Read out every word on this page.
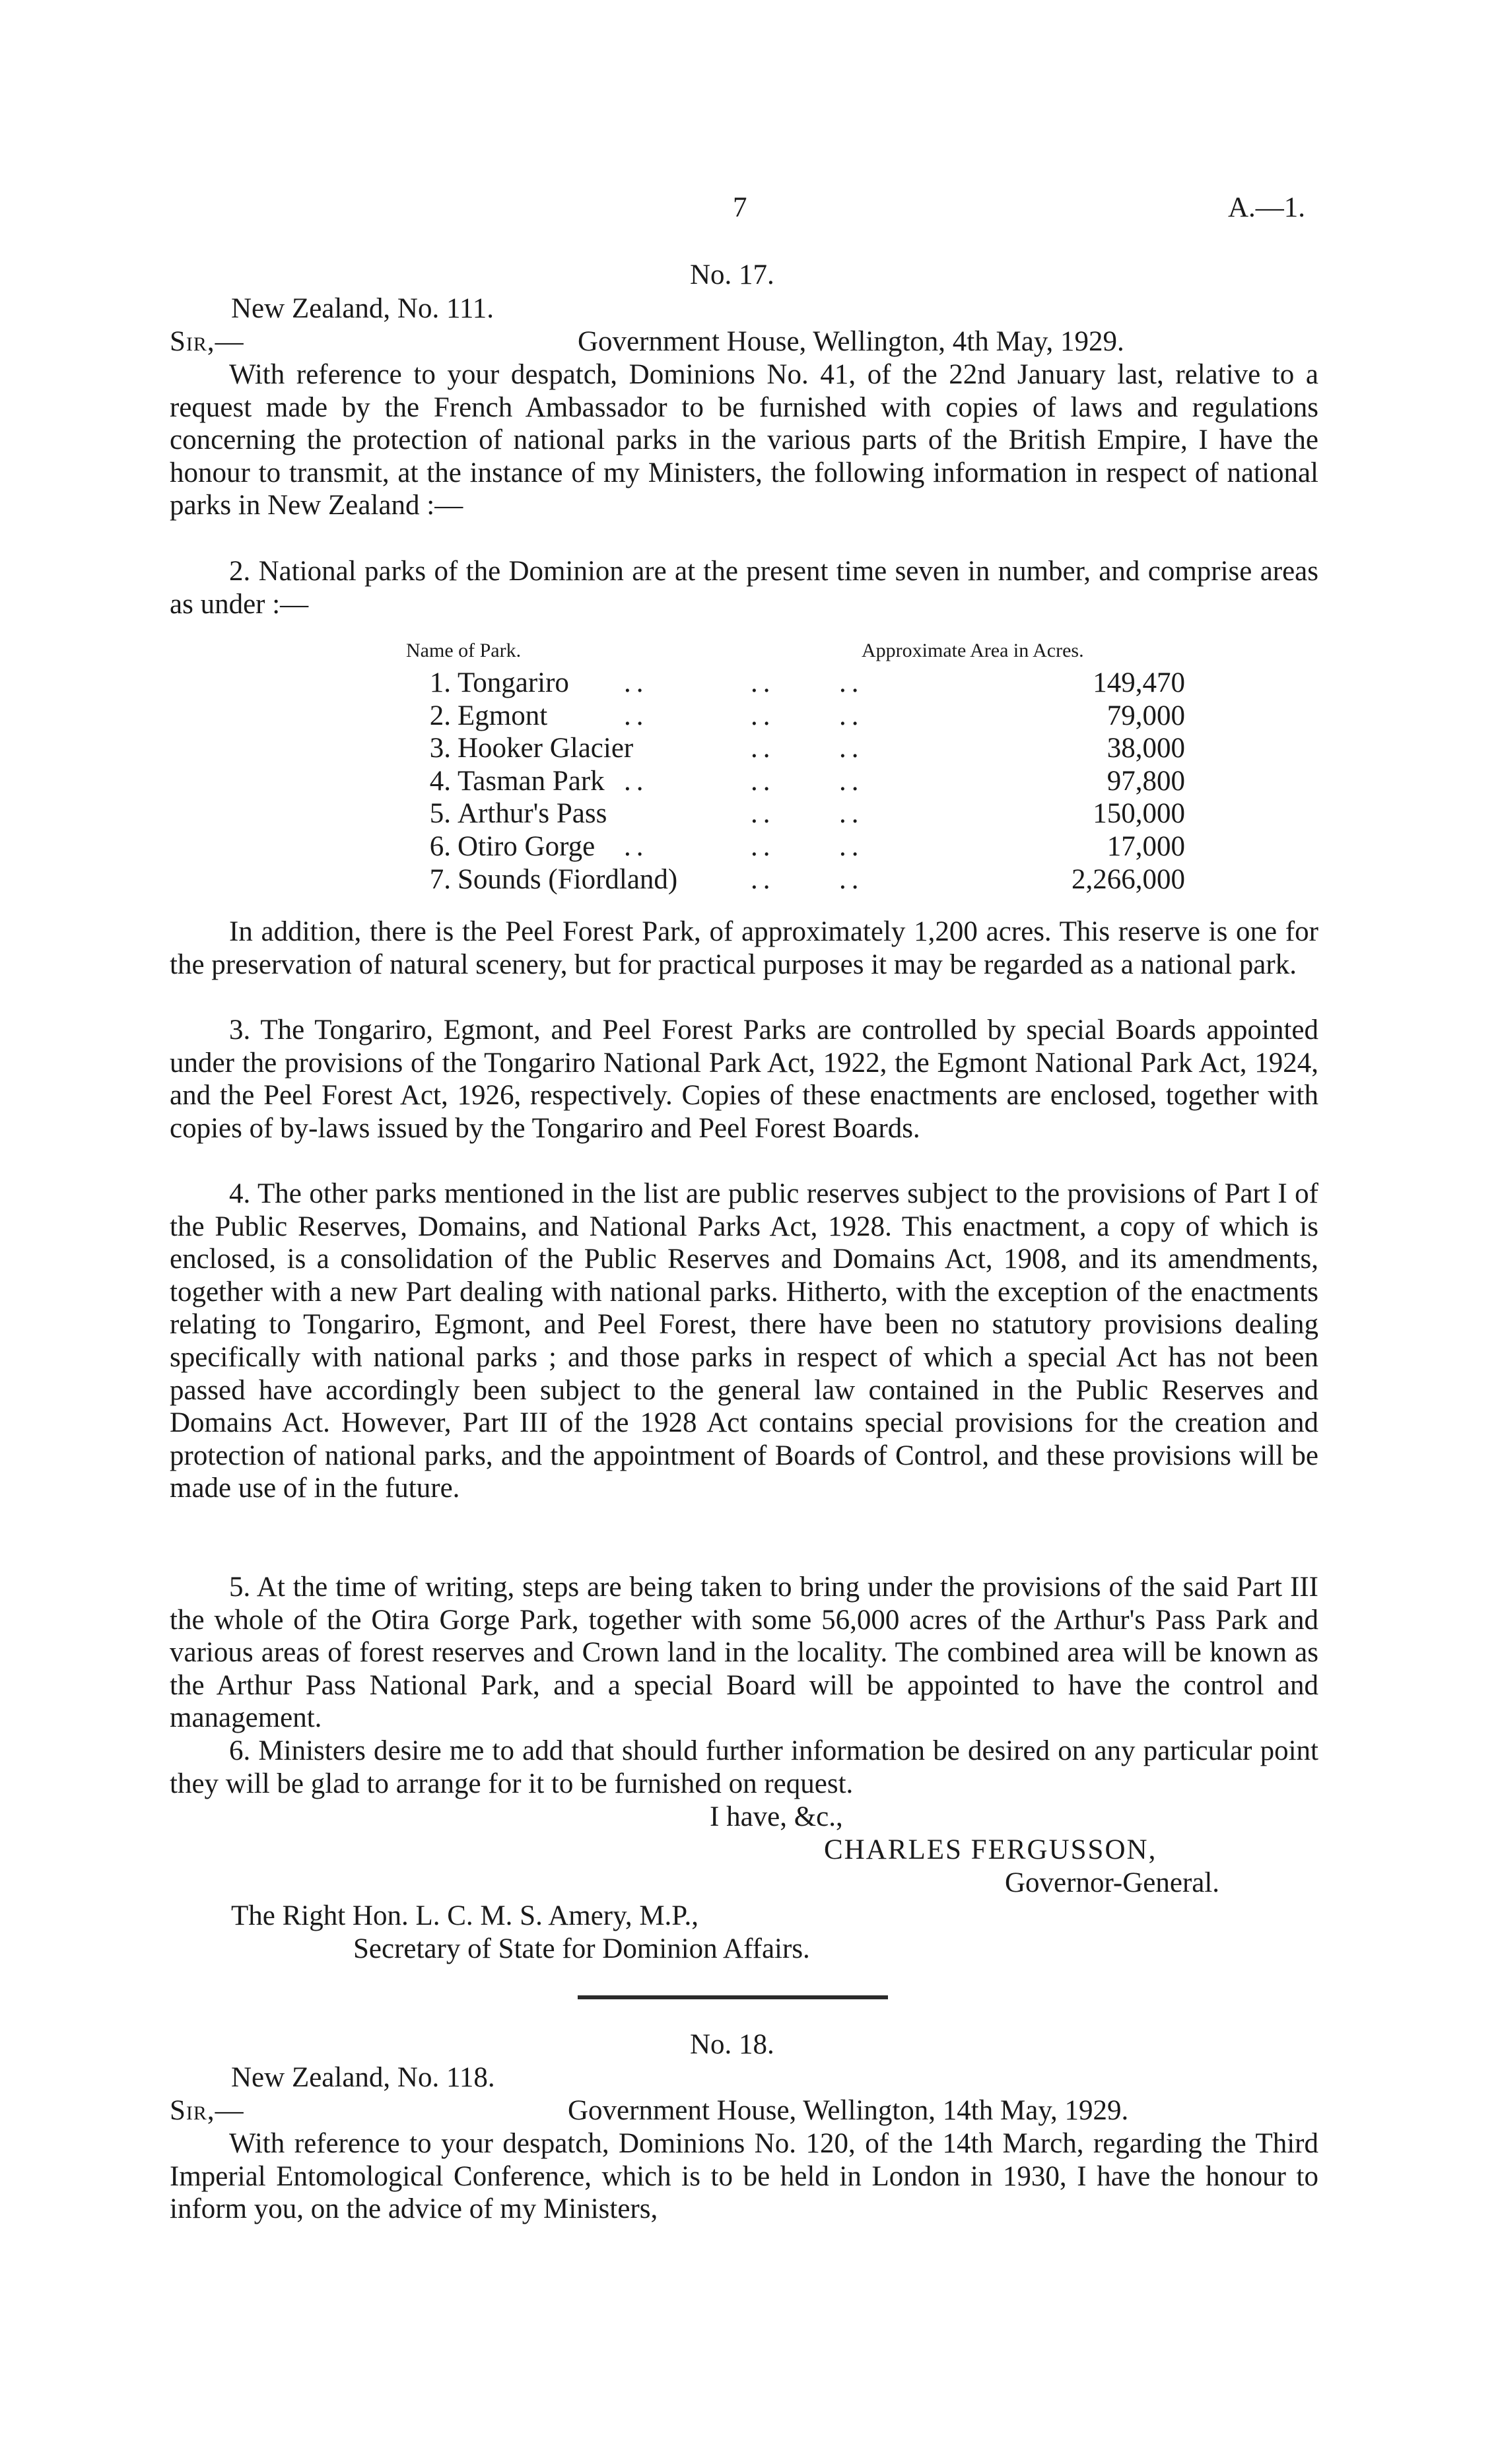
7	A.—1.
No. 17.
New Zealand, No. 111.
Sir,—	Government House, Wellington, 4th May, 1929.

With reference to your despatch, Dominions No. 41, of the 22nd January last, relative to a request made by the French Ambassador to be furnished with copies of laws and regulations concerning the protection of national parks in the various parts of the British Empire, I have the honour to transmit, at the instance of my Ministers, the following information in respect of national parks in New Zealand :—

2. National parks of the Dominion are at the present time seven in number, and comprise areas as under :—

Name of Park.	Approximate Area in Acres.
1. Tongariro	149,470
..	.. ..
2. Egmont	79,000
..	.. ..
3. Hooker Glacier	38,000
.. ..
4. Tasman Park	97,800
..	.. ..
5. Arthur's Pass	150,000
.. ..
6. Otiro Gorge	17,000
..	.. ..
7. Sounds (Fiordland)	2,266,000
.. ..

In addition, there is the Peel Forest Park, of approximately 1,200 acres. This reserve is one for the preservation of natural scenery, but for practical purposes it may be regarded as a national park.

3. The Tongariro, Egmont, and Peel Forest Parks are controlled by special Boards appointed under the provisions of the Tongariro National Park Act, 1922, the Egmont National Park Act, 1924, and the Peel Forest Act, 1926, respectively. Copies of these enactments are enclosed, together with copies of by-laws issued by the Tongariro and Peel Forest Boards.

4. The other parks mentioned in the list are public reserves subject to the provisions of Part I of the Public Reserves, Domains, and National Parks Act, 1928. This enactment, a copy of which is enclosed, is a consolidation of the Public Reserves and Domains Act, 1908, and its amendments, together with a new Part dealing with national parks. Hitherto, with the exception of the enactments relating to Tongariro, Egmont, and Peel Forest, there have been no statutory provisions dealing specifically with national parks ; and those parks in respect of which a special Act has not been passed have accordingly been subject to the general law contained in the Public Reserves and Domains Act. However, Part III of the 1928 Act contains special provisions for the creation and protection of national parks, and the appointment of Boards of Control, and these provisions will be made use of in the future.

5. At the time of writing, steps are being taken to bring under the provisions of the said Part III the whole of the Otira Gorge Park, together with some 56,000 acres of the Arthur's Pass Park and various areas of forest reserves and Crown land in the locality. The combined area will be known as the Arthur Pass National Park, and a special Board will be appointed to have the control and management.

6. Ministers desire me to add that should further information be desired on any particular point they will be glad to arrange for it to be furnished on request.

I have, &c.,
CHARLES FERGUSSON,
Governor-General.
The Right Hon. L. C. M. S. Amery, M.P.,
Secretary of State for Dominion Affairs.
No. 18.
New Zealand, No. 118.
Sir,—	Government House, Wellington, 14th May, 1929.

With reference to your despatch, Dominions No. 120, of the 14th March, regarding the Third Imperial Entomological Conference, which is to be held in London in 1930, I have the honour to inform you, on the advice of my Ministers,
